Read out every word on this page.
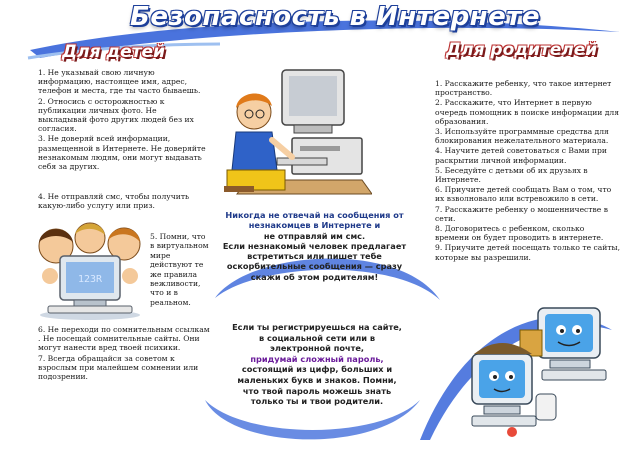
Безопасность в Интернете
Для детей	Для родителей
1. Не указывай свою личную информацию, настоящее имя, адрес, телефон и места, где ты часто бываешь.
2. Относись с осторожностью к публикации личных фото. Не выкладывай фото других людей без их согласия.
3. Не доверяй всей информации, размещенной в Интернете. Не доверяйте незнакомым людям, они могут выдавать себя за других.
4. Не отправляй смс, чтобы получить какую-либо услугу или приз.
5. Помни, что в виртуальном мире действуют те же правила вежливости, что и в реальном.
123R
6. Не переходи по сомнительным ссылкам . Не посещай сомнительные сайты. Они могут нанести вред твоей психики.
7. Всегда обращайся за советом к взрослым при малейшем сомнении или подозрении.
Никогда не отвечай на сообщения от незнакомцев в Интернете и
не отправляй им смс.
Если незнакомый человек предлагает встретиться или пишет тебе оскорбительные сообщения — сразу скажи об этом родителям!
Если ты регистрируешься на сайте, в социальной сети или в электронной почте,
придумай сложный пароль,
состоящий из цифр, больших и маленьких букв и знаков. Помни, что твой пароль можешь знать только ты и твои родители.
1. Расскажите ребенку, что такое интернет пространство.
2. Расскажите, что Интернет в первую очередь помощник в поиске информации для образования.
3. Используйте программные средства для блокирования нежелательного материала.
4. Научите детей советоваться с Вами при раскрытии личной информации.
5. Беседуйте с детьми об их друзьях в Интернете.
6. Приучите детей сообщать Вам о том, что их взволновало или встревожило в сети.
7. Расскажите ребенку о мошенничестве в сети.
8. Договоритесь с ребенком, сколько времени он будет проводить в интернете.
9. Приучите детей посещать только те сайты, которые вы разрешили.
